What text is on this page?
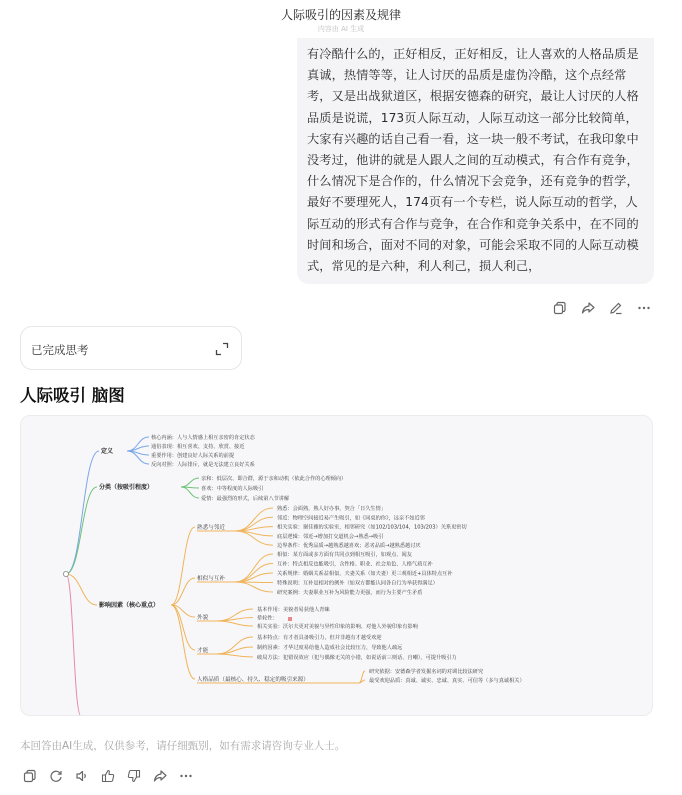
人际吸引的因素及规律
内容由 AI 生成
有冷酷什么的，正好相反，正好相反，让人喜欢的人格品质是真诚，热情等等，让人讨厌的品质是虚伪冷酷，这个点经常考，又是出战狱道区，根据安德森的研究，最让人讨厌的人格品质是说谎，173页人际互动，人际互动这一部分比较简单，大家有兴趣的话自己看一看，这一块一般不考试，在我印象中没考过，他讲的就是人跟人之间的互动模式，有合作有竞争，什么情况下是合作的，什么情况下会竞争，还有竞争的哲学，最好不要理死人，174页有一个专栏，说人际互动的哲学，人际互动的形式有合作与竞争，在合作和竞争关系中，在不同的时间和场合，面对不同的对象，可能会采取不同的人际互动模式，常见的是六种，利人利己，损人利己，
已完成思考
人际吸引 脑图
定义
核心内涵：人与人情感上相互亲密的肯定状态
通俗表现：相互喜欢、支持、欣赏、接近
重要作用：创建良好人际关系的前提
反向对照：人际排斥，就是无法建立良好关系
分类（按吸引程度）
亲和：低层次、即合群，源于亲和动机（依此合作的心理倾向）
喜欢：中等程度的人际吸引
爱情：最强烈的形式，后续第八节讲解
影响因素（核心重点）
熟悉与邻近
熟悉：会面熟，熟人好办事，契合「日久生情」
邻近：物理空间接近易产生吸引，如《同桌的你》，远亲不如近邻
相关实验：谢佳雅的实验室，相邻研究（如102/103/104，103/203）关系更密切
底层逻辑：邻近→增加打交道机会→熟悉→吸引
边界条件：优秀品质→越熟悉越喜欢；恶劣品质→越熟悉越讨厌
相似与互补
相似：某方面或多方面有共同点到相互吸引，如观点、阅友
互补：特点相反也能吸引，含性格、职业、社会角色、人格气质互补
关系规律：婚姻关系益相似，夫妻关系（如夫妻）更三观相近+具体特点互补
特殊说明：互补是相对的例外（如双方都能认同各自行为举获得满足）
研究案例：夫妻职业互补为风险能力更强，而行为主要产生矛盾
外貌
基本作用：美貌者易获他人青睐
晕轮性：
相关实验：沃尔夫更对美貌与异性印象的影响、对他人外貌印象有影响
才能
基本特点：有才者具备吸引力，但并非越有才越受欢迎
制约因素：才华过度易给他人造成社会比较压力，导致他人疏远
破局方法：犯错误效应（犯与偶像无关的小错，如说话前三则话、自嘲），可提升吸引力
人格品质（最核心、持久、稳定的吸引来源）
研究依据：安德森学者发掘名词的对调比较法研究
最受欢迎品质：真诚、诚实、忠诚、真实、可信等（多与真诚相关）
本回答由AI生成，仅供参考，请仔细甄别，如有需求请咨询专业人士。
